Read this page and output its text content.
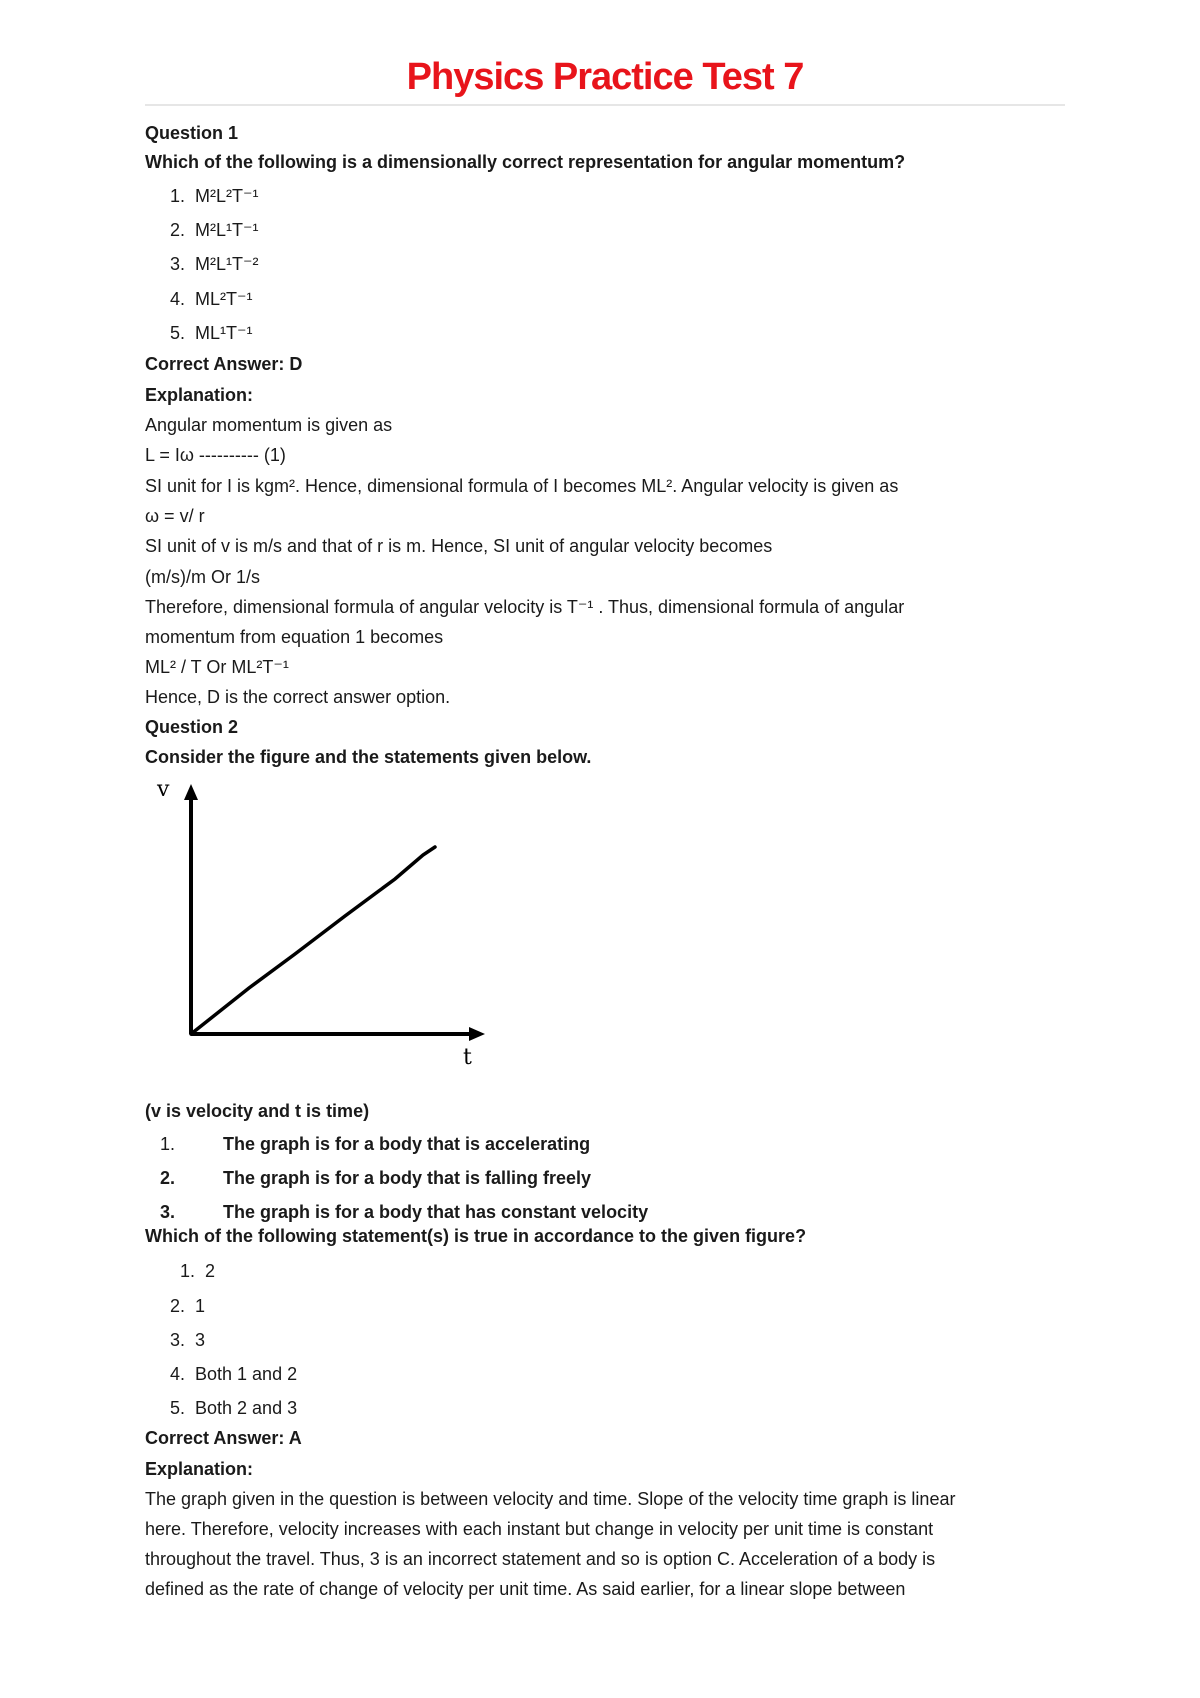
Physics Practice Test 7
Question 1
Which of the following is a dimensionally correct representation for angular momentum?
1. M²L²T⁻¹
2. M²L¹T⁻¹
3. M²L¹T⁻²
4. ML²T⁻¹
5. ML¹T⁻¹
Correct Answer: D
Explanation:
Angular momentum is given as
L = Iω ---------- (1)
SI unit for I is kgm². Hence, dimensional formula of I becomes ML². Angular velocity is given as
ω = v/ r
SI unit of v is m/s and that of r is m. Hence, SI unit of angular velocity becomes
(m/s)/m Or 1/s
Therefore, dimensional formula of angular velocity is T⁻¹ . Thus, dimensional formula of angular
momentum from equation 1 becomes
ML² / T Or ML²T⁻¹
Hence, D is the correct answer option.
Question 2
Consider the figure and the statements given below.
v
t
(v is velocity and t is time)
1.	The graph is for a body that is accelerating
2.	The graph is for a body that is falling freely
3.	The graph is for a body that has constant velocity
Which of the following statement(s) is true in accordance to the given figure?
1. 2
2. 1
3. 3
4. Both 1 and 2
5. Both 2 and 3
Correct Answer: A
Explanation:
The graph given in the question is between velocity and time. Slope of the velocity time graph is linear
here. Therefore, velocity increases with each instant but change in velocity per unit time is constant
throughout the travel. Thus, 3 is an incorrect statement and so is option C. Acceleration of a body is
defined as the rate of change of velocity per unit time. As said earlier, for a linear slope between
